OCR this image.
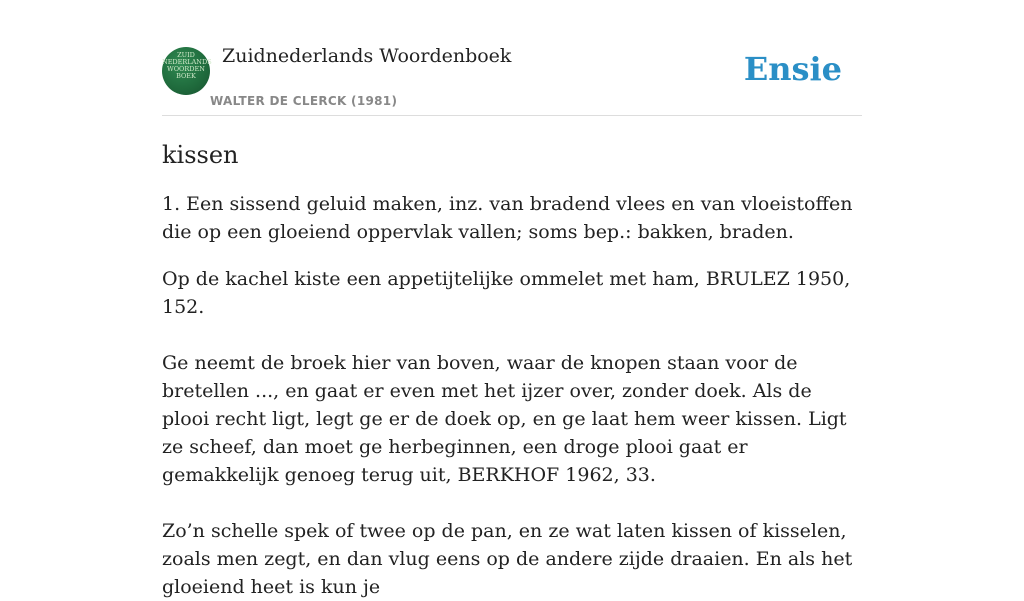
ZUID
NEDERLANDS
WOORDEN
BOEK
Zuidnederlands Woordenboek
WALTER DE CLERCK (1981)
Ensie
kissen

1. Een sissend geluid maken, inz. van bradend vlees en van vloeistoffen die op een gloeiend oppervlak vallen; soms bep.: bakken, braden.

Op de kachel kiste een appetijtelijke ommelet met ham, BRULEZ 1950, 152.

Ge neemt de broek hier van boven, waar de knopen staan voor de bretellen ..., en gaat er even met het ijzer over, zonder doek. Als de plooi recht ligt, legt ge er de doek op, en ge laat hem weer kissen. Ligt ze scheef, dan moet ge herbeginnen, een droge plooi gaat er gemakkelijk genoeg terug uit, BERKHOF 1962, 33.

Zo’n schelle spek of twee op de pan, en ze wat laten kissen of kisselen, zoals men zegt, en dan vlug eens op de andere zijde draaien. En als het gloeiend heet is kun je
